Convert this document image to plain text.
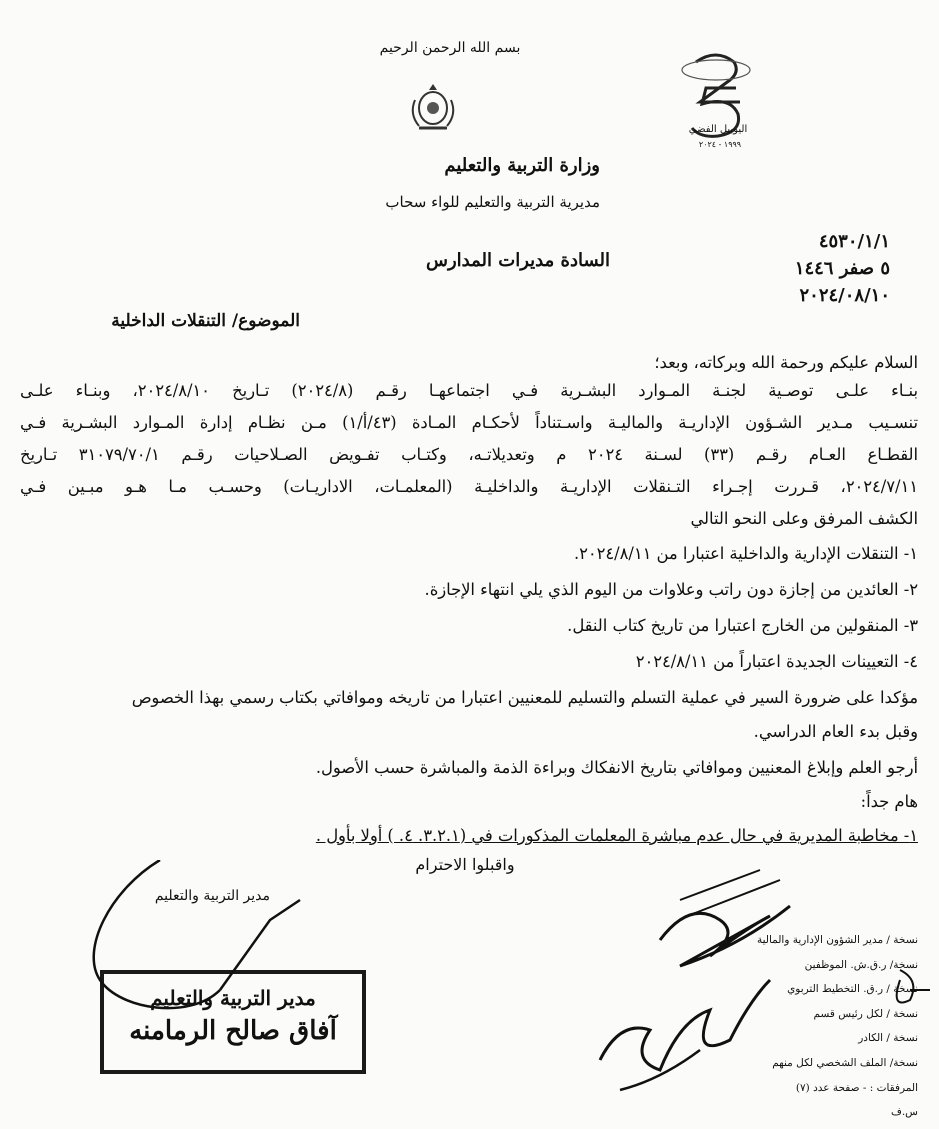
بسم الله الرحمن الرحيم
اليوبيل الفضي
١٩٩٩ - ٢٠٢٤
وزارة التربية والتعليم
مديرية التربية والتعليم للواء سحاب
٤٥٣٠/١/١
٥ صفر ١٤٤٦
٢٠٢٤/٠٨/١٠
السادة مديرات المدارس
الموضوع/ التنقلات الداخلية
السلام عليكم ورحمة الله وبركاته، وبعد؛
بنـاء علـى توصـية لجنـة المـوارد البشـرية فـي اجتماعهـا رقـم (٢٠٢٤/٨) تـاريخ ٢٠٢٤/٨/١٠، وبنـاء علـى
تنسـيب مـدير الشـؤون الإداريـة والماليـة واسـتناداً لأحكـام المـادة (٤٣/أ/١) مـن نظـام إدارة المـوارد البشـرية فـي
القطـاع العـام رقـم (٣٣) لسـنة ٢٠٢٤ م وتعديلاتـه، وكتـاب تفـويض الصـلاحيات رقـم ٣١٠٧٩/٧٠/١ تـاريخ
٢٠٢٤/٧/١١، قـررت إجـراء التـنقلات الإداريـة والداخليـة (المعلمـات، الاداريـات) وحسـب مـا هـو مبـين فـي
الكشف المرفق وعلى النحو التالي
١- التنقلات الإدارية والداخلية اعتبارا من ٢٠٢٤/٨/١١.
٢- العائدين من إجازة دون راتب وعلاوات من اليوم الذي يلي انتهاء الإجازة.
٣- المنقولين من الخارج اعتبارا من تاريخ كتاب النقل.
٤- التعيينات الجديدة اعتباراً من ٢٠٢٤/٨/١١
مؤكدا على ضرورة السير في عملية التسلم والتسليم للمعنيين اعتبارا من تاريخه وموافاتي بكتاب رسمي بهذا الخصوص
وقبل بدء العام الدراسي.
أرجو العلم وإبلاغ المعنيين وموافاتي بتاريخ الانفكاك وبراءة الذمة والمباشرة حسب الأصول.
هام جداً:
١- مخاطبة المديرية في حال عدم مباشرة المعلمات المذكورات في (٣.٢.١. ٤. ) أولا بأول .
واقبلوا الاحترام
مدير التربية والتعليم
مدير التربية والتعليم
آفاق صالح الرمامنه
نسخة / مدير الشؤون الإدارية والمالية
نسخة/ ر.ق.ش. الموظفين
نسخة / ر.ق. التخطيط التربوي
نسخة / لكل رئيس قسم
نسخة / الكادر
نسخة/ الملف الشخصي لكل منهم
المرفقات : - صفحة عدد (٧)
س.ف
